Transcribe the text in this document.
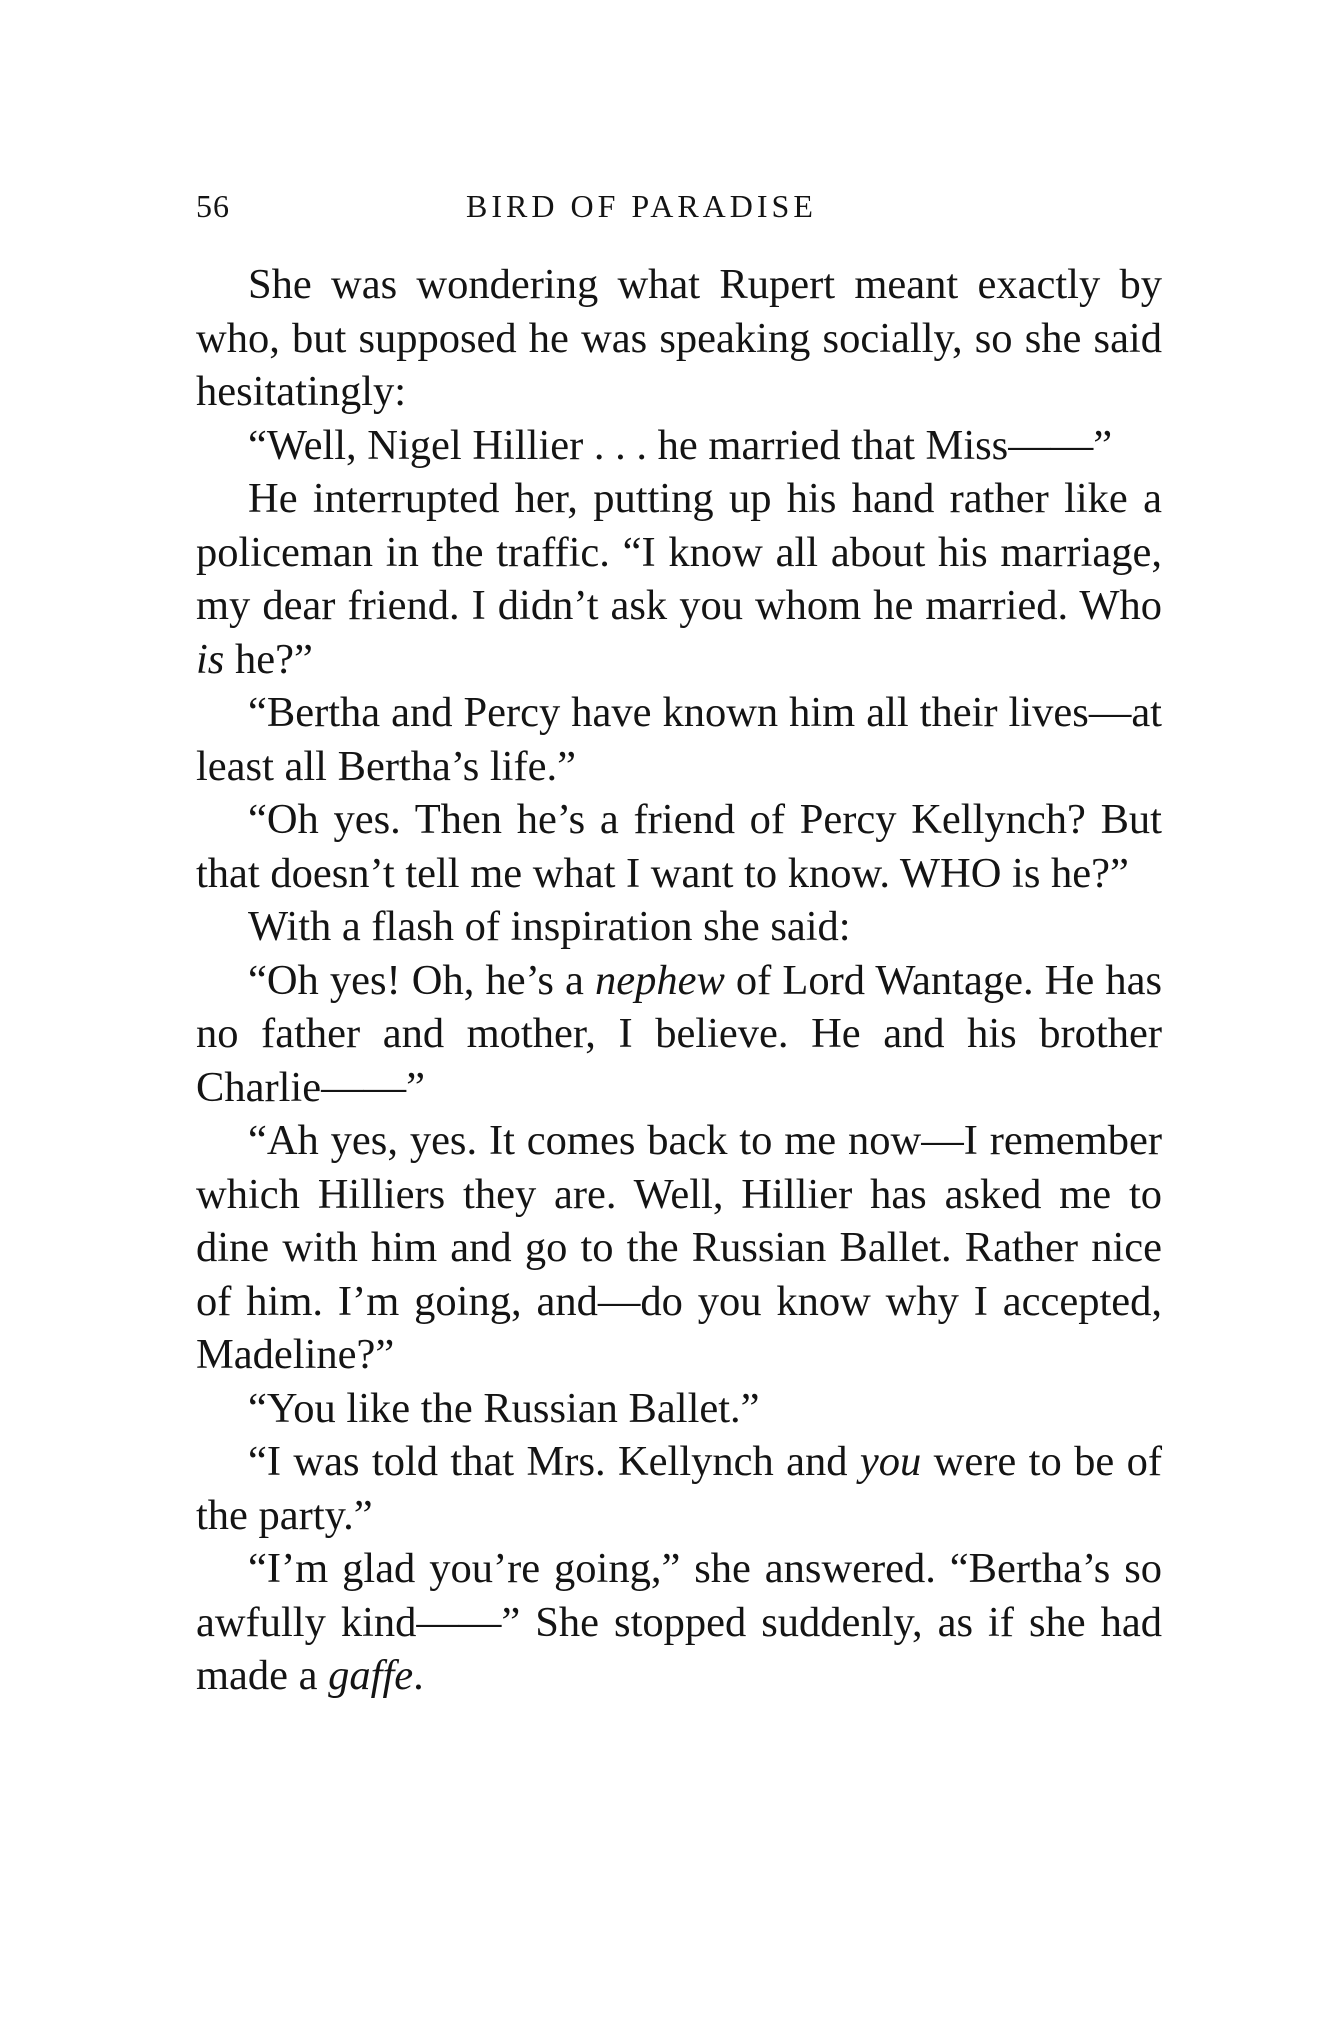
56	BIRD OF PARADISE

She was wondering what Rupert meant exactly by who, but supposed he was speaking socially, so she said hesitatingly:

“Well, Nigel Hillier . . . he married that Miss——”

He interrupted her, putting up his hand rather like a policeman in the traffic. “I know all about his marriage, my dear friend. I didn’t ask you whom he married. Who is he?”

“Bertha and Percy have known him all their lives—at least all Bertha’s life.”

“Oh yes. Then he’s a friend of Percy Kellynch? But that doesn’t tell me what I want to know. WHO is he?”

With a flash of inspiration she said:

“Oh yes! Oh, he’s a nephew of Lord Wantage. He has no father and mother, I believe. He and his brother Charlie——”

“Ah yes, yes. It comes back to me now—I remember which Hilliers they are. Well, Hillier has asked me to dine with him and go to the Russian Ballet. Rather nice of him. I’m going, and—do you know why I accepted, Madeline?”

“You like the Russian Ballet.”

“I was told that Mrs. Kellynch and you were to be of the party.”

“I’m glad you’re going,” she answered. “Bertha’s so awfully kind——” She stopped suddenly, as if she had made a gaffe.
